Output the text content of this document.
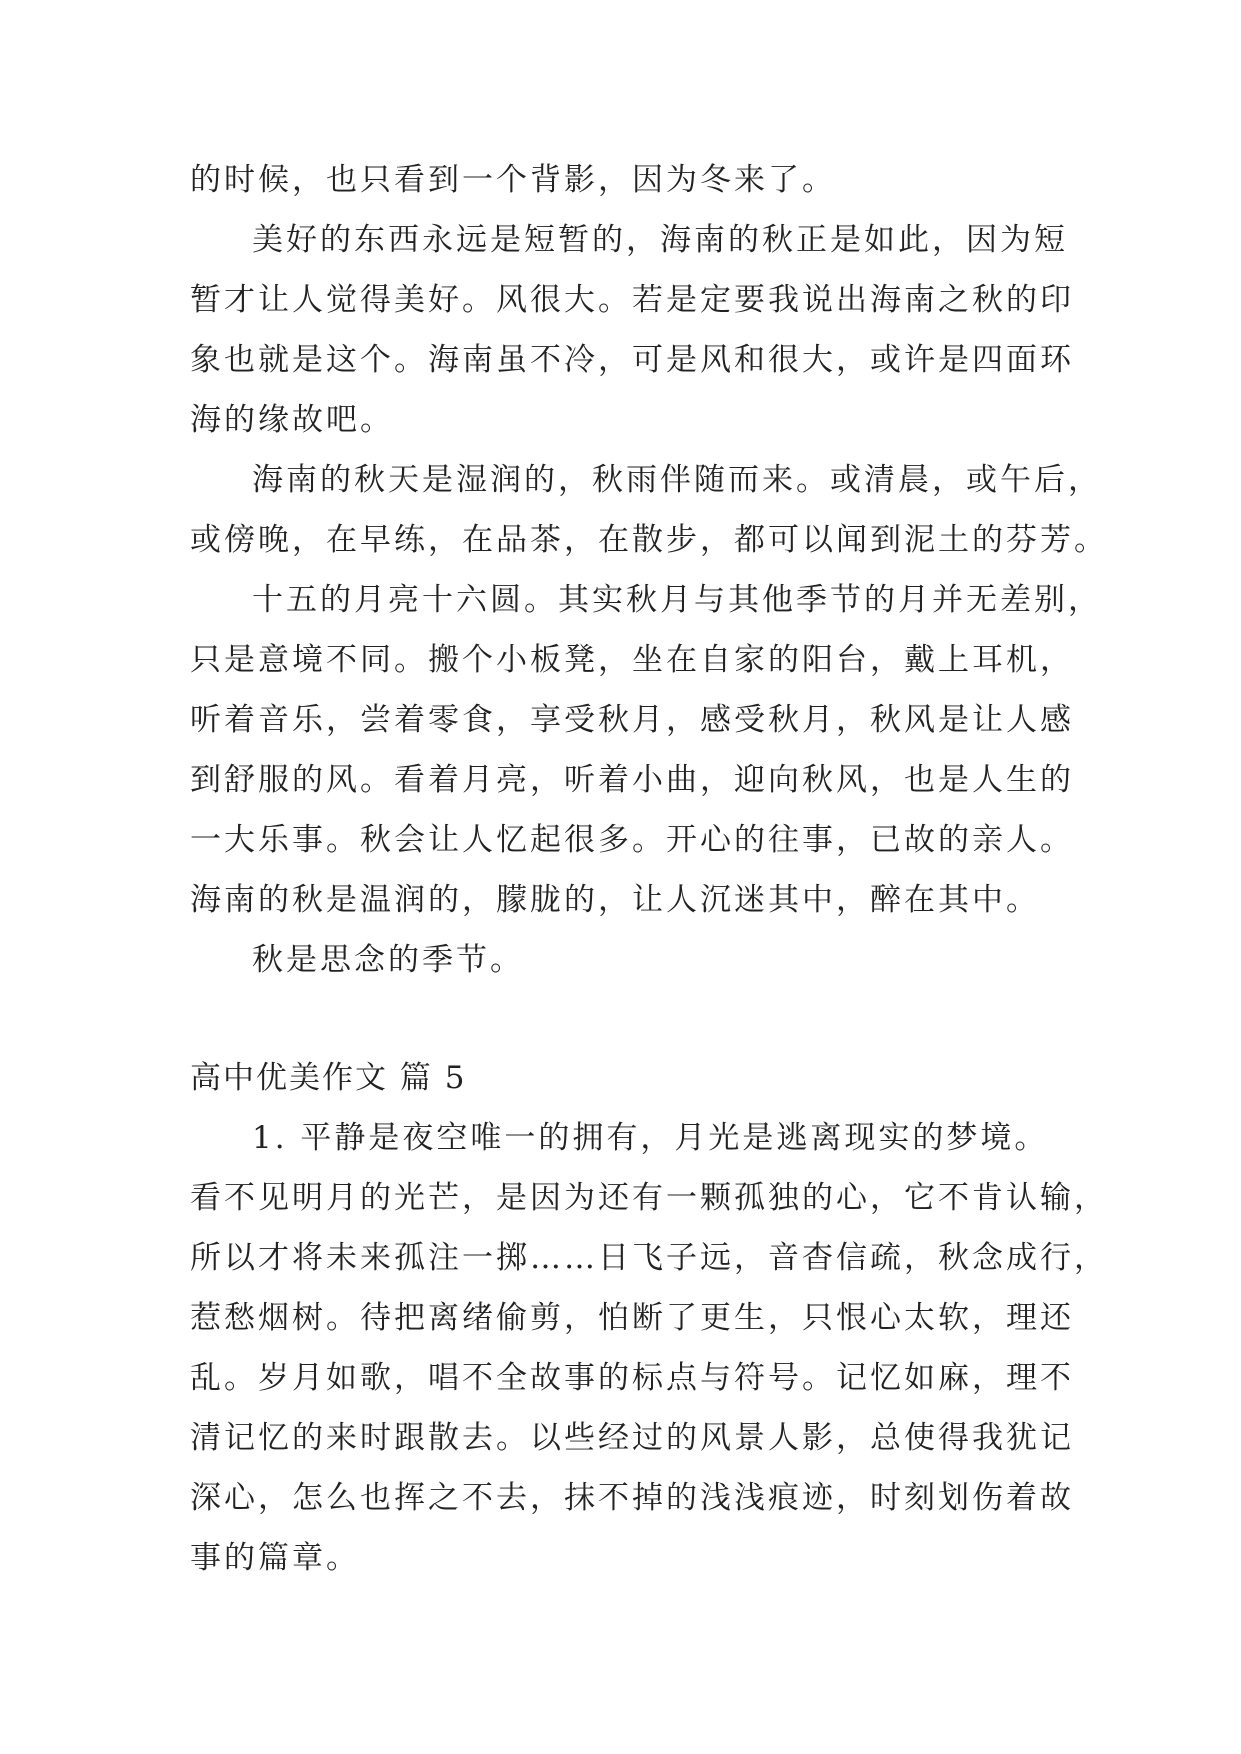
的时候，也只看到一个背影，因为冬来了。
美好的东西永远是短暂的，海南的秋正是如此，因为短
暂才让人觉得美好。风很大。若是定要我说出海南之秋的印
象也就是这个。海南虽不冷，可是风和很大，或许是四面环
海的缘故吧。
海南的秋天是湿润的，秋雨伴随而来。或清晨，或午后，
或傍晚，在早练，在品茶，在散步，都可以闻到泥土的芬芳。
十五的月亮十六圆。其实秋月与其他季节的月并无差别，
只是意境不同。搬个小板凳，坐在自家的阳台，戴上耳机，
听着音乐，尝着零食，享受秋月，感受秋月，秋风是让人感
到舒服的风。看着月亮，听着小曲，迎向秋风，也是人生的
一大乐事。秋会让人忆起很多。开心的往事，已故的亲人。
海南的秋是温润的，朦胧的，让人沉迷其中，醉在其中。
秋是思念的季节。
高中优美作文 篇 5
1. 平静是夜空唯一的拥有，月光是逃离现实的梦境。
看不见明月的光芒，是因为还有一颗孤独的心，它不肯认输，
所以才将未来孤注一掷……日飞子远，音杳信疏，秋念成行，
惹愁烟树。待把离绪偷剪，怕断了更生，只恨心太软，理还
乱。岁月如歌，唱不全故事的标点与符号。记忆如麻，理不
清记忆的来时跟散去。以些经过的风景人影，总使得我犹记
深心，怎么也挥之不去，抹不掉的浅浅痕迹，时刻划伤着故
事的篇章。
